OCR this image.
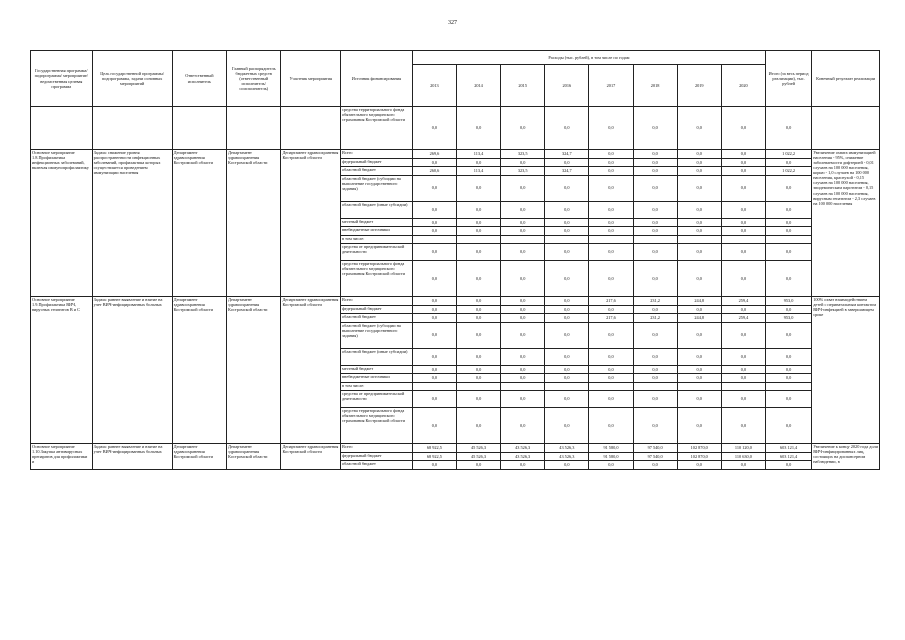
327
Государственная программа/подпрограмма/ мероприятие/ ведомственная целевая программа	Цель государственной программы/подпрограммы, задачи основных мероприятий	Ответственный исполнитель	Главный распорядитель бюджетных средств (ответственный исполнитель/ соисполнитель)	Участник мероприятия	Источник финансирования	Расходы (тыс. рублей), в том числе по годам								Итого (за весь период реализации), тыс. рублей	Конечный результат реализации
						2013	2014	2015	2016	2017	2018	2019	2020		
					средства территориального фонда обязательного медицинского страхования Костромской области	0,0	0,0	0,0	0,0	0,0	0,0	0,0	0,0	0,0	
Основное мероприятие 1.8.Профилактика инфекционных заболеваний, включая иммунопрофилактику	Задача: снижение уровня распространенности инфекционных заболеваний, профилактика которых осуществляется проведением иммунизации населения	Департамент здравоохранения Костромской области	Департамент здравоохранения Костромской области	Департамент здравоохранения Костромской области	Всего	269,6	113,4	323,5	324,7	0,0	0,0	0,0	0,0	1 022,2	Увеличение охвата иммунизацией населения - 95%, снижение заболеваемости дифтерией - 0,01 случаев на 100 000 населения, корью - 1,0 случаев на 100 000 населения, краснухой - 0,15 случаев на 100 000 населения, эпидемическим паротитом - 0,15 случаев на 100 000 населения, вирусным гепатитом - 2,3 случаев на 100 000 населения
					федеральный бюджет	0,0	0,0	0,0	0,0	0,0	0,0	0,0	0,0	0,0	
					областной бюджет	260,6	113,4	323,5	324,7	0,0	0,0	0,0	0,0	1 022,2	
					областной бюджет (субсидии на выполнение государственного задания)	0,0	0,0	0,0	0,0	0,0	0,0	0,0	0,0	0,0	
					областной бюджет (иные субсидии)	0,0	0,0	0,0	0,0	0,0	0,0	0,0	0,0	0,0	
					местный бюджет	0,0	0,0	0,0	0,0	0,0	0,0	0,0	0,0	0,0	
					внебюджетные источники	0,0	0,0	0,0	0,0	0,0	0,0	0,0	0,0	0,0	
					в том числе:										
					средства от предпринимательской деятельности	0,0	0,0	0,0	0,0	0,0	0,0	0,0	0,0	0,0	
					средства территориального фонда обязательного медицинского страхования Костромской области	0,0	0,0	0,0	0,0	0,0	0,0	0,0	0,0	0,0	
Основное мероприятие 1.9.Профилактика ВИЧ, вирусных гепатитов В и С	Задача: раннее выявление и взятие на учет ВИЧ-инфицированных больных	Департамент здравоохранения Костромской области	Департамент здравоохранения Костромской области	Департамент здравоохранения Костромской области	Всего	0,0	0,0	0,0	0,0	217,6	231,2	244,8	259,4	953,0	100% охват взаимодействием детей с перинатальным контактом ВИЧ-инфекцией в завершающем сроке
					федеральный бюджет	0,0	0,0	0,0	0,0	0,0	0,0	0,0	0,0	0,0	
					областной бюджет	0,0	0,0	0,0	0,0	217,6	231,2	244,8	259,4	953,0	
					областной бюджет (субсидии на выполнение государственного задания)	0,0	0,0	0,0	0,0	0,0	0,0	0,0	0,0	0,0	
					областной бюджет (иные субсидии)	0,0	0,0	0,0	0,0	0,0	0,0	0,0	0,0	0,0	
					местный бюджет	0,0	0,0	0,0	0,0	0,0	0,0	0,0	0,0	0,0	
					внебюджетные источники	0,0	0,0	0,0	0,0	0,0	0,0	0,0	0,0	0,0	
					в том числе:										
					средства от предпринимательской деятельности	0,0	0,0	0,0	0,0	0,0	0,0	0,0	0,0	0,0	
					средства территориального фонда обязательного медицинского страхования Костромской области	0,0	0,0	0,0	0,0	0,0	0,0	0,0	0,0	0,0	
Основное мероприятие 1.10.Закупка антивирусных препаратов для профилактики и	Задача: раннее выявление и взятие на учет ВИЧ-инфицированных больных	Департамент здравоохранения Костромской области	Департамент здравоохранения Костромской области	Департамент здравоохранения Костромской области	Всего	68 922,5	45 526,3	43 526,3	43 526,3	91 580,0	97 540,0	102 870,0	110 120,0	603 121,4	Увеличение к концу 2020 года доли ВИЧ-инфицированных лиц, состоящих на диспансерном наблюдении, в
					федеральный бюджет	68 922,5	45 526,3	43 526,3	43 526,3	91 580,0	97 540,0	102 870,0	110 630,0	603 121,4	
					областной бюджет	0,0	0,0	0,0	0,0	0,0	0,0	0,0	0,0	0,0	
